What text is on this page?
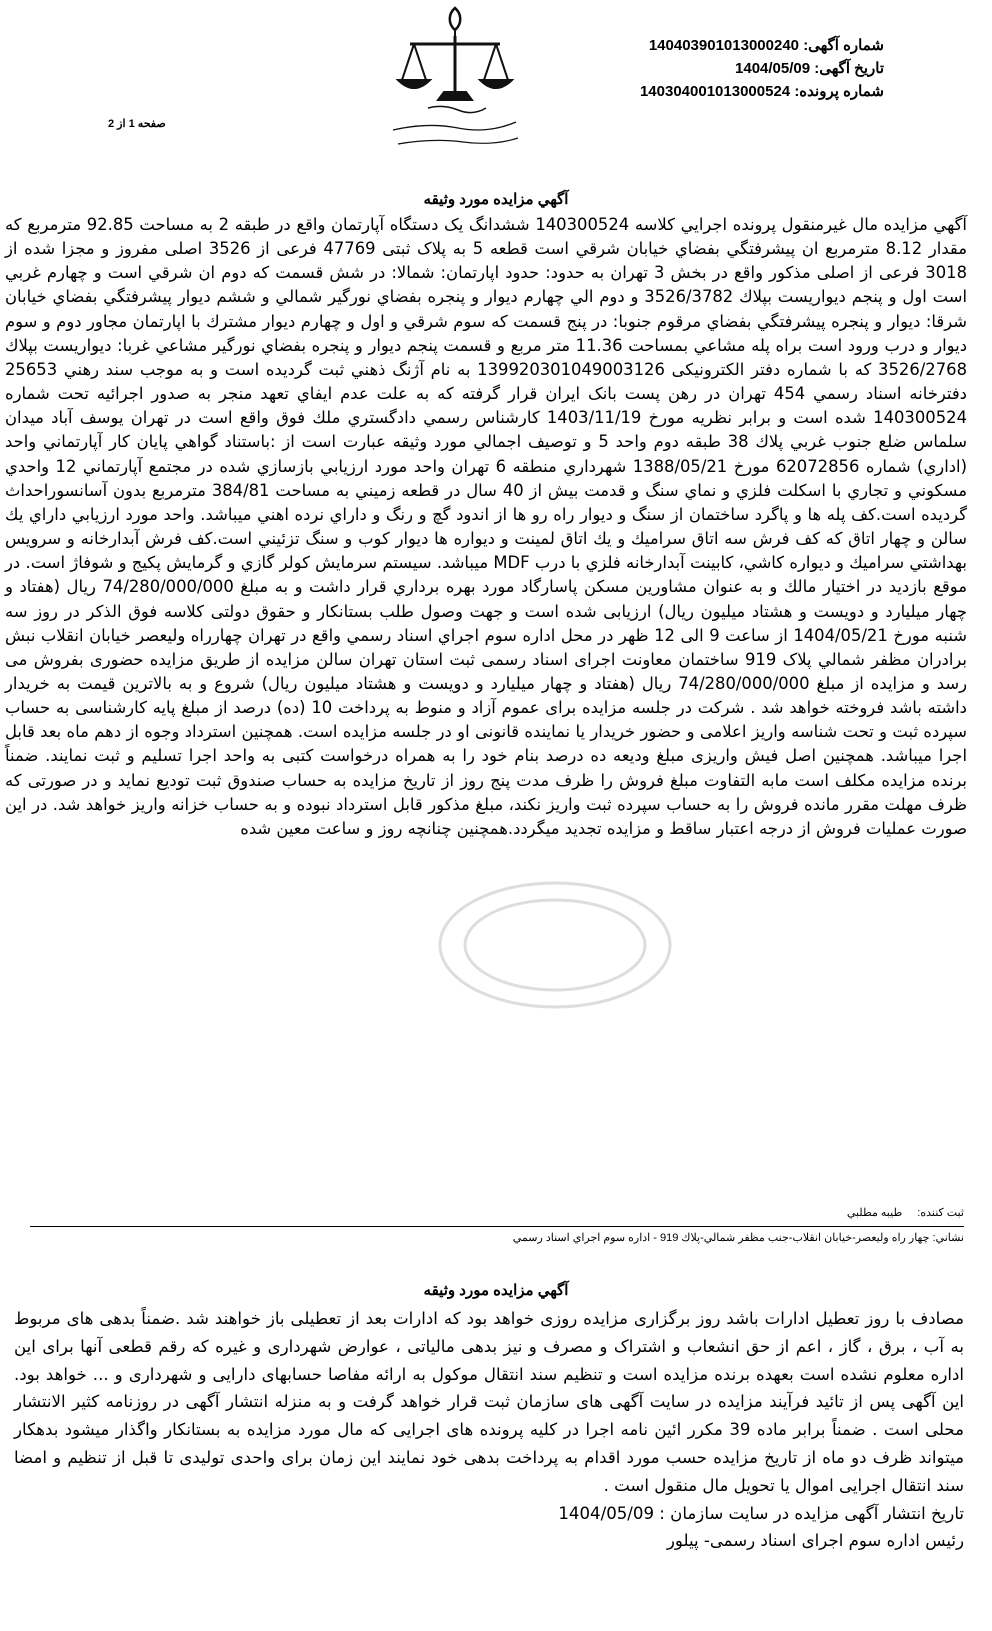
شماره آگهی: 140403901013000240
تاریخ آگهی: 1404/05/09
شماره پرونده: 140304001013000524
صفحه 1 از 2
آگهي مزايده مورد وثيقه
آگهي مزايده مال غيرمنقول پرونده اجرايي كلاسه 140300524 ششدانگ يک دستگاه آپارتمان واقع در طبقه 2 به مساحت 92.85 مترمربع که مقدار 8.12 مترمربع ان پیشرفتگي بفضاي خيابان شرقي است قطعه 5 به پلاک ثبتی 47769 فرعی از 3526 اصلی مفروز و مجزا شده از 3018 فرعی از اصلی مذکور واقع در بخش 3 تهران به حدود: حدود اپارتمان: شمالا: در شش قسمت كه دوم ان شرقي است و چهارم غربي است اول و پنجم ديواريست بپلاك 3526/3782 و دوم الي چهارم ديوار و پنجره بفضاي نورگير شمالي و ششم ديوار پيشرفتگي بفضاي خيابان شرقا: ديوار و پنجره پيشرفتگي بفضاي مرقوم جنوبا: در پنج قسمت كه سوم شرقي و اول و چهارم ديوار مشترك با اپارتمان مجاور دوم و سوم ديوار و درب ورود است براه پله مشاعي بمساحت 11.36 متر مربع و قسمت پنجم ديوار و پنجره بفضاي نورگير مشاعي غربا: ديواريست بپلاك 3526/2768 كه با شماره دفتر الکترونیکی 139920301049003126 به نام آژنگ ذهني ثبت گرديده است و به موجب سند رهني 25653 دفترخانه اسناد رسمي 454 تهران در رهن پست بانک ايران قرار گرفته كه به علت عدم ايفاي تعهد منجر به صدور اجرائيه تحت شماره 140300524 شده است و برابر نظريه مورخ 1403/11/19 كارشناس رسمي دادگستري ملك فوق واقع است در تهران يوسف آباد ميدان سلماس ضلع جنوب غربي پلاك 38 طبقه دوم واحد 5 و توصيف اجمالي مورد وثيقه عبارت است از :باستناد گواهي پايان كار آپارتماني واحد (اداري) شماره 62072856 مورخ 1388/05/21 شهرداري منطقه 6 تهران واحد مورد ارزيابي بازسازي شده در مجتمع آپارتماني 12 واحدي مسكوني و تجاري با اسكلت فلزي و نماي سنگ و قدمت بيش از 40 سال در قطعه زميني به مساحت 384/81 مترمربع بدون آسانسوراحداث گرديده است.كف پله ها و پاگرد ساختمان از سنگ و ديوار راه رو ها از اندود گچ و رنگ و داراي نرده اهني ميباشد. واحد مورد ارزيابي داراي يك سالن و چهار اتاق كه كف فرش سه اتاق سراميك و يك اتاق لمينت و ديواره ها ديوار كوب و سنگ تزئيني است.كف فرش آبدارخانه و سرويس بهداشتي سراميك و ديواره كاشي، كابينت آبدارخانه فلزي با درب MDF ميباشد. سيستم سرمايش كولر گازي و گرمايش پكيج و شوفاژ است. در موقع بازديد در اختيار مالك و به عنوان مشاورين مسكن پاسارگاد مورد بهره برداري قرار داشت و به مبلغ 74/280/000/000 ريال (هفتاد و چهار ميليارد و دويست و هشتاد ميليون ريال) ارزيابی شده است و جهت وصول طلب بستانكار و حقوق دولتی کلاسه فوق الذکر در روز سه شنبه مورخ 1404/05/21 از ساعت 9 الی 12 ظهر در محل اداره سوم اجراي اسناد رسمي واقع در تهران چهارراه وليعصر خيابان انقلاب نبش برادران مظفر شمالي پلاک 919 ساختمان معاونت اجرای اسناد رسمی ثبت استان تهران سالن مزایده از طریق مزایده حضوری بفروش می رسد و مزایده از مبلغ 74/280/000/000 ريال (هفتاد و چهار ميليارد و دويست و هشتاد ميليون ريال) شروع و به بالاترین قیمت به خریدار داشته باشد فروخته خواهد شد . شرکت در جلسه مزایده برای عموم آزاد و منوط به پرداخت 10 (ده) درصد از مبلغ پایه کارشناسی به حساب سپرده ثبت و تحت شناسه واریز اعلامی و حضور خریدار یا نماینده قانونی او در جلسه مزایده است. همچنین استرداد وجوه از دهم ماه بعد قابل اجرا میباشد. همچنین اصل فیش واریزی مبلغ ودیعه ده درصد بنام خود را به همراه درخواست کتبی به واحد اجرا تسلیم و ثبت نمایند. ضمناً برنده مزایده مکلف است مابه التفاوت مبلغ فروش را ظرف مدت پنج روز از تاریخ مزایده به حساب صندوق ثبت تودیع نماید و در صورتی که ظرف مهلت مقرر مانده فروش را به حساب سپرده ثبت واریز نکند، مبلغ مذکور قابل استرداد نبوده و به حساب خزانه واریز خواهد شد. در این صورت عملیات فروش از درجه اعتبار ساقط و مزایده تجدید میگردد.همچنین چنانچه روز و ساعت معین شده
ثبت كننده: طيبه مطلبي
نشاني: چهار راه وليعصر-خيابان انقلاب-جنب مظفر شمالي-پلاك 919 - اداره سوم اجراي اسناد رسمي
آگهي مزايده مورد وثيقه
مصادف با روز تعطیل ادارات باشد روز برگزاری مزایده روزی خواهد بود که ادارات بعد از تعطیلی باز خواهند شد .ضمناً بدهی های مربوط به آب ، برق ، گاز ، اعم از حق انشعاب و اشتراک و مصرف و نیز بدهی مالیاتی ، عوارض شهرداری و غیره که رقم قطعی آنها برای این اداره معلوم نشده است بعهده برنده مزایده است و تنظیم سند انتقال موکول به ارائه مفاصا حسابهای دارایی و شهرداری و ... خواهد بود. این آگهی پس از تائید فرآیند مزایده در سایت آگهی های سازمان ثبت قرار خواهد گرفت و به منزله انتشار آگهی در روزنامه کثیر الانتشار محلی است . ضمناً برابر ماده 39 مکرر ائین نامه اجرا در کلیه پرونده های اجرایی که مال مورد مزایده به بستانکار واگذار میشود بدهکار میتواند ظرف دو ماه از تاریخ مزایده حسب مورد اقدام به پرداخت بدهی خود نمایند این زمان برای واحدی تولیدی تا قبل از تنظیم و امضا سند انتقال اجرایی اموال یا تحویل مال منقول است .
تاریخ انتشار آگهی مزایده در سایت سازمان : 1404/05/09
رئیس اداره سوم اجرای اسناد رسمی- پیلور
